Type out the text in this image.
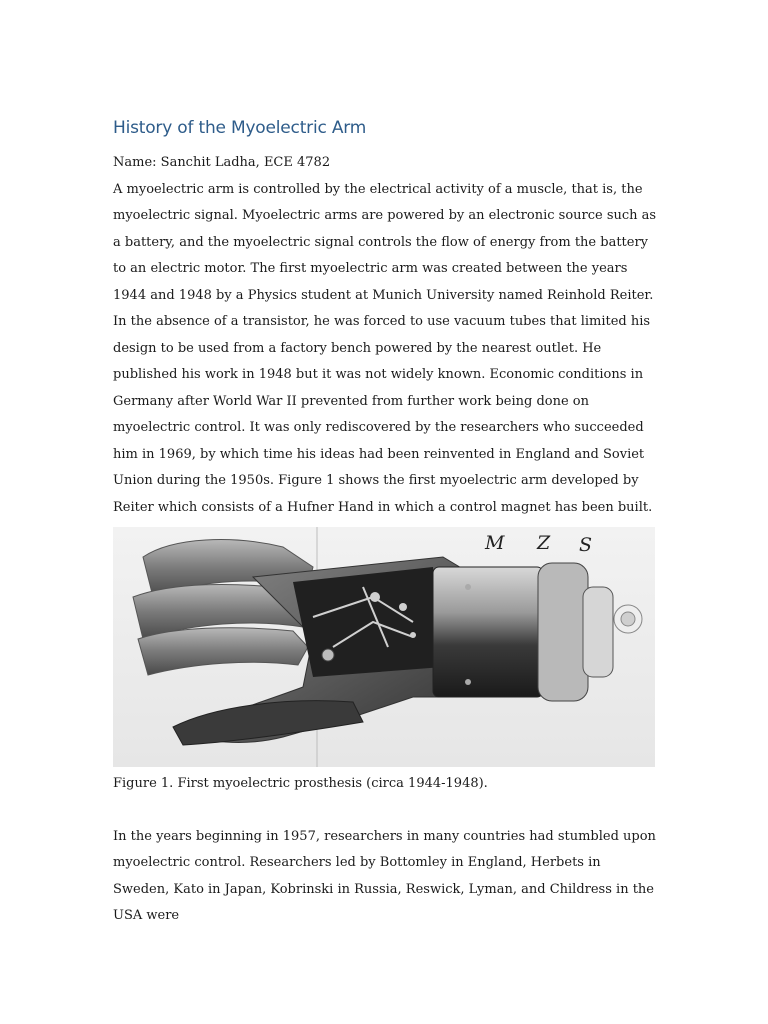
History of the Myoelectric Arm

Name: Sanchit Ladha, ECE 4782

A myoelectric arm is controlled by the electrical activity of a muscle, that is, the myoelectric signal. Myoelectric arms are powered by an electronic source such as a battery, and the myoelectric signal controls the flow of energy from the battery to an electric motor. The first myoelectric arm was created between the years 1944 and 1948 by a Physics student at Munich University named Reinhold Reiter. In the absence of a transistor, he was forced to use vacuum tubes that limited his design to be used from a factory bench powered by the nearest outlet. He published his work in 1948 but it was not widely known. Economic conditions in Germany after World War II prevented from further work being done on myoelectric control. It was only rediscovered by the researchers who succeeded him in 1969, by which time his ideas had been reinvented in England and Soviet Union during the 1950s. Figure 1 shows the first myoelectric arm developed by Reiter which consists of a Hufner Hand in which a control magnet has been built.

M Z S

Figure 1. First myoelectric prosthesis (circa 1944-1948).

In the years beginning in 1957, researchers in many countries had stumbled upon myoelectric control. Researchers led by Bottomley in England, Herbets in Sweden, Kato in Japan, Kobrinski in Russia, Reswick, Lyman, and Childress in the USA were
